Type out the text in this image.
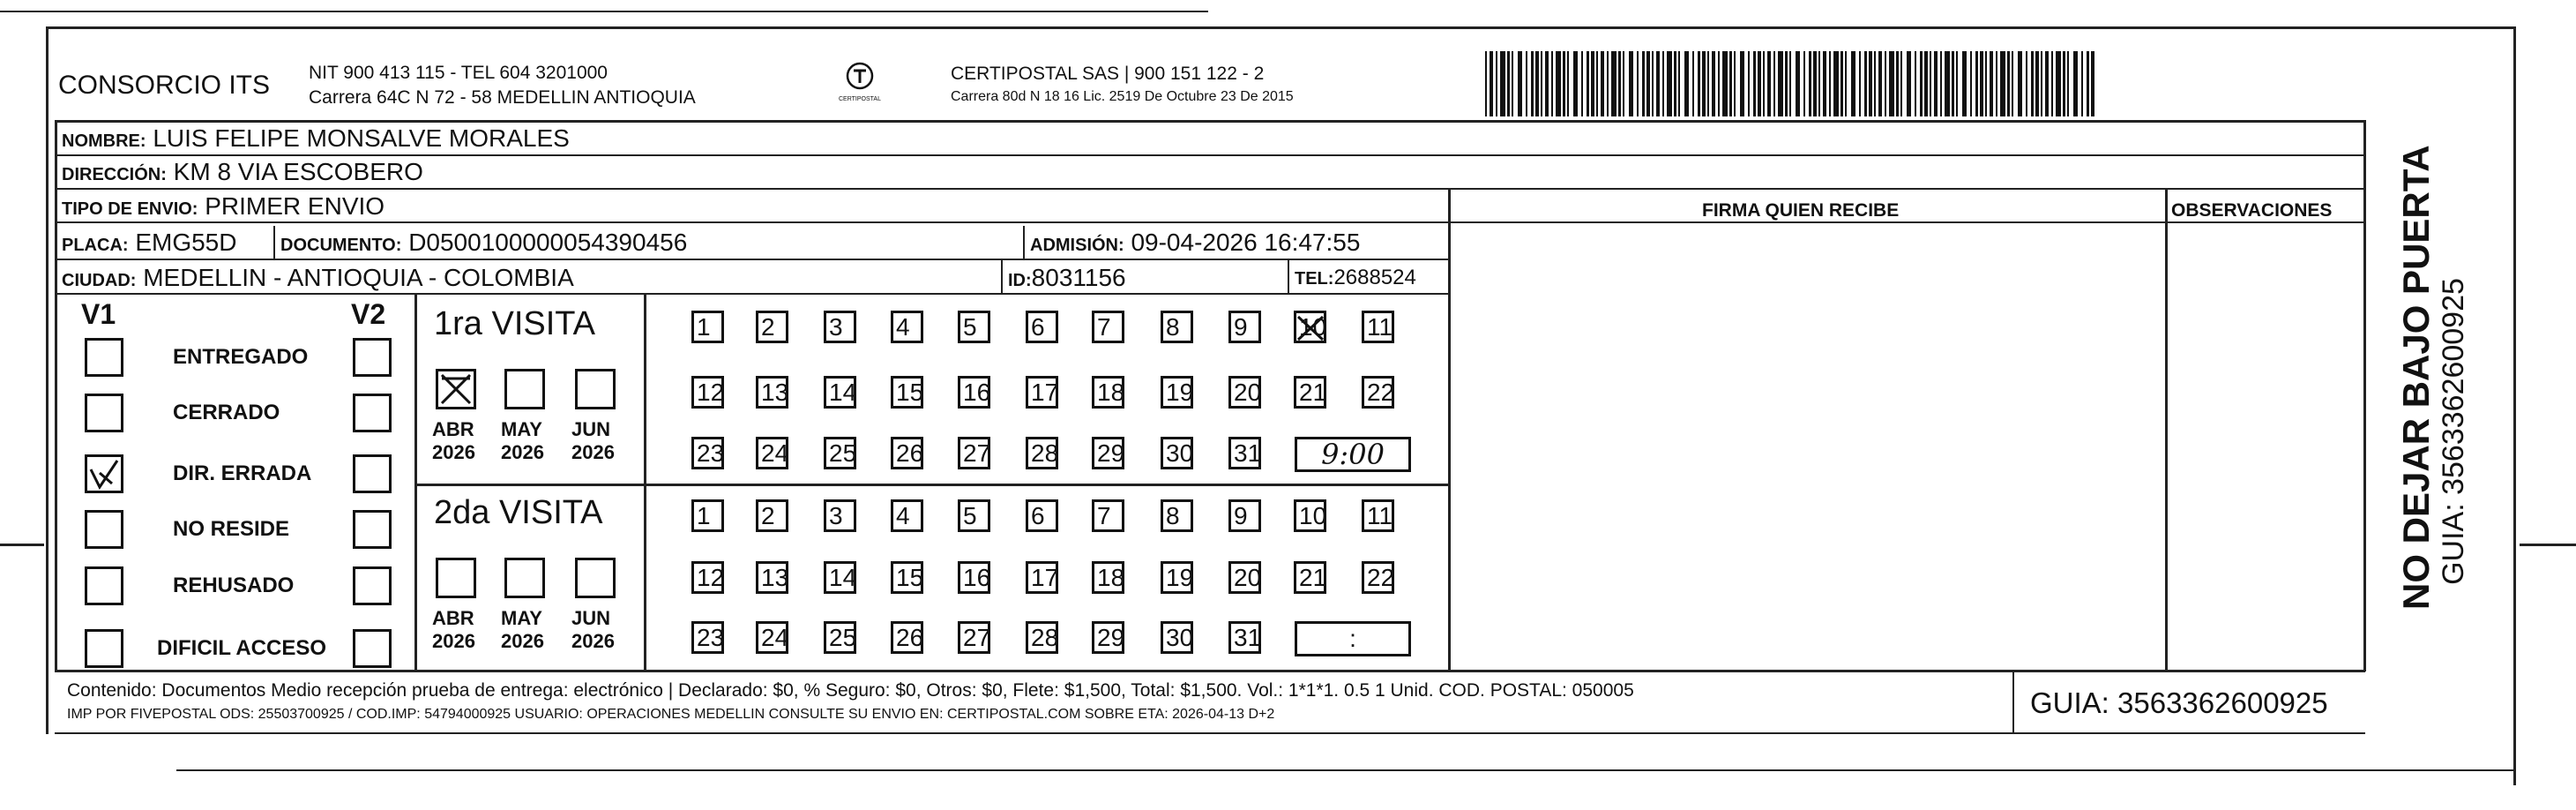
CONSORCIO ITS NIT 900 413 115 - TEL 604 3201000
Carrera 64C N 72 - 58 MEDELLIN ANTIOQUIA	CERTIPOSTAL
CERTIPOSTAL SAS | 900 151 122 - 2
Carrera 80d N 18 16 Lic. 2519 De Octubre 23 De 2015
NOMBRE: LUIS FELIPE MONSALVE MORALES
DIRECCIÓN: KM 8 VIA ESCOBERO
TIPO DE ENVIO: PRIMER ENVIO	FIRMA QUIEN RECIBE	OBSERVACIONES
PLACA: EMG55D DOCUMENTO: D0500100000054390456	ADMISIÓN: 09-04-2026 16:47:55
CIUDAD: MEDELLIN - ANTIOQUIA - COLOMBIA	ID:8031156	TEL:2688524
V1	V2
ENTREGADO
CERRADO
DIR. ERRADA
NO RESIDE
REHUSADO
DIFICIL ACCESO
1ra VISITA
2da VISITA
ABR
2026
MAY
2026
JUN
2026
ABR
2026
MAY
2026
JUN
2026
1	2	3	4	5	6	7	8	9	10 11
12 13 14 15 16 17 18 19 20 21 22
23 24 25 26 27 28 29 30 31	9:00
1	2	3	4	5	6	7	8	9	10 11
12 13 14 15 16 17 18 19 20 21 22
23 24 25 26 27 28 29 30 31	:
Contenido: Documentos Medio recepción prueba de entrega: electrónico | Declarado: $0, % Seguro: $0, Otros: $0, Flete: $1,500, Total: $1,500. Vol.: 1*1*1. 0.5 1 Unid. COD. POSTAL: 050005
IMP POR FIVEPOSTAL ODS: 25503700925 / COD.IMP: 54794000925 USUARIO: OPERACIONES MEDELLIN CONSULTE SU ENVIO EN: CERTIPOSTAL.COM SOBRE ETA: 2026-04-13 D+2	GUIA: 3563362600925
NO DEJAR BAJO PUERTA GUIA: 3563362600925
